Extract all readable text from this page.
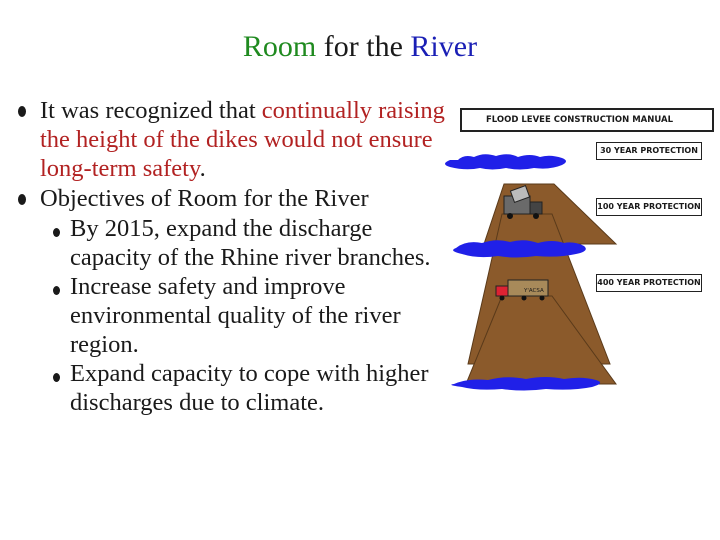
Room for the River
It was recognized that continually raising the height of the dikes would not ensure long-term safety.
Objectives of Room for the River
By 2015, expand the discharge capacity of the Rhine river branches.
Increase safety and improve environmental quality of the river region.
Expand capacity to cope with higher discharges due to climate.
Y'ACSA
FLOOD LEVEE CONSTRUCTION MANUAL
30 YEAR PROTECTION
100 YEAR PROTECTION
400 YEAR PROTECTION
